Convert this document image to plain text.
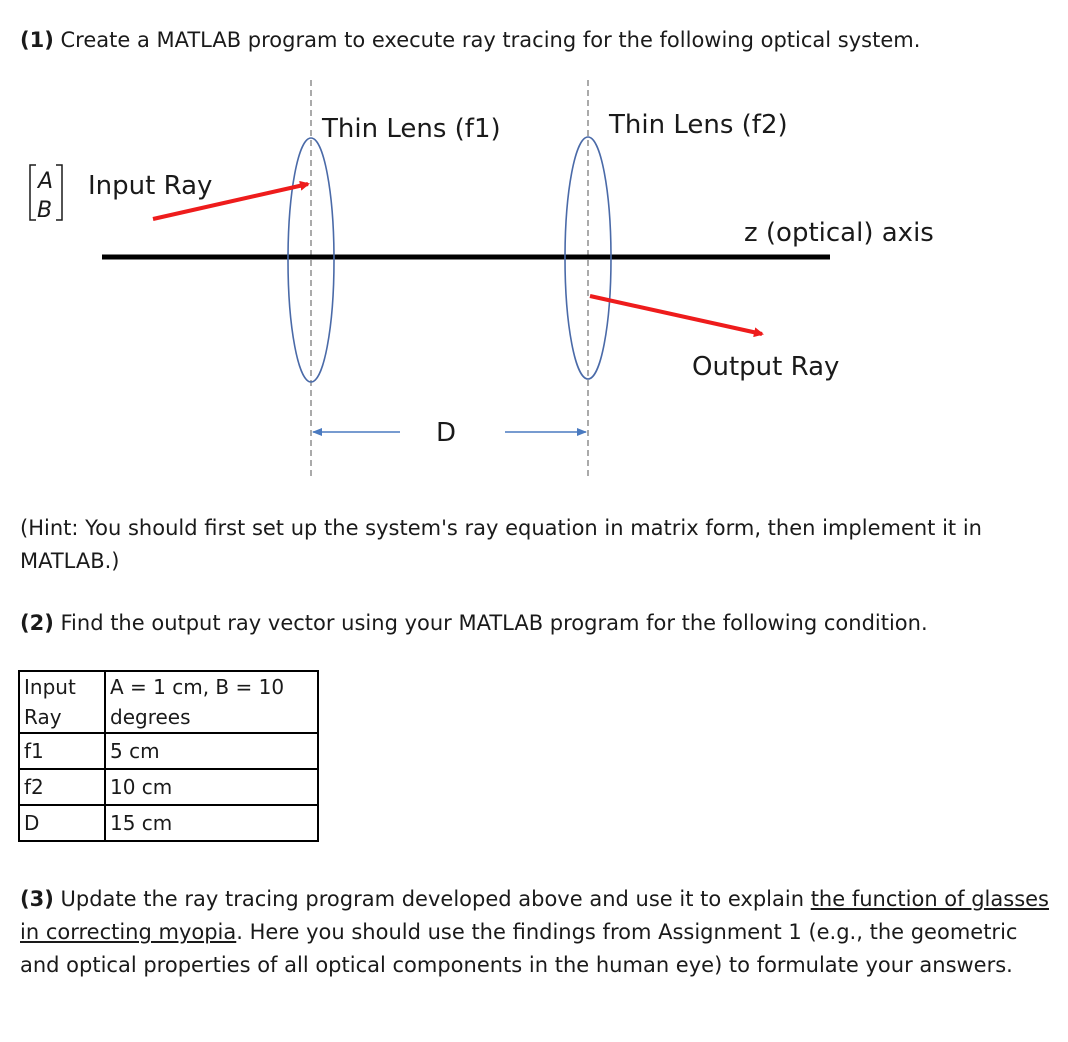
(1) Create a MATLAB program to execute ray tracing for the following optical system.

Thin Lens (f1)	Thin Lens (f2)
A
B
Input Ray
z (optical) axis
Output Ray
D

(Hint: You should first set up the system's ray equation in matrix form, then implement it in MATLAB.)

(2) Find the output ray vector using your MATLAB program for the following condition.

Input Ray	A = 1 cm, B = 10 degrees
f1	5 cm
f2	10 cm
D	15 cm

(3) Update the ray tracing program developed above and use it to explain the function of glasses in correcting myopia. Here you should use the findings from Assignment 1 (e.g., the geometric and optical properties of all optical components in the human eye) to formulate your answers.
